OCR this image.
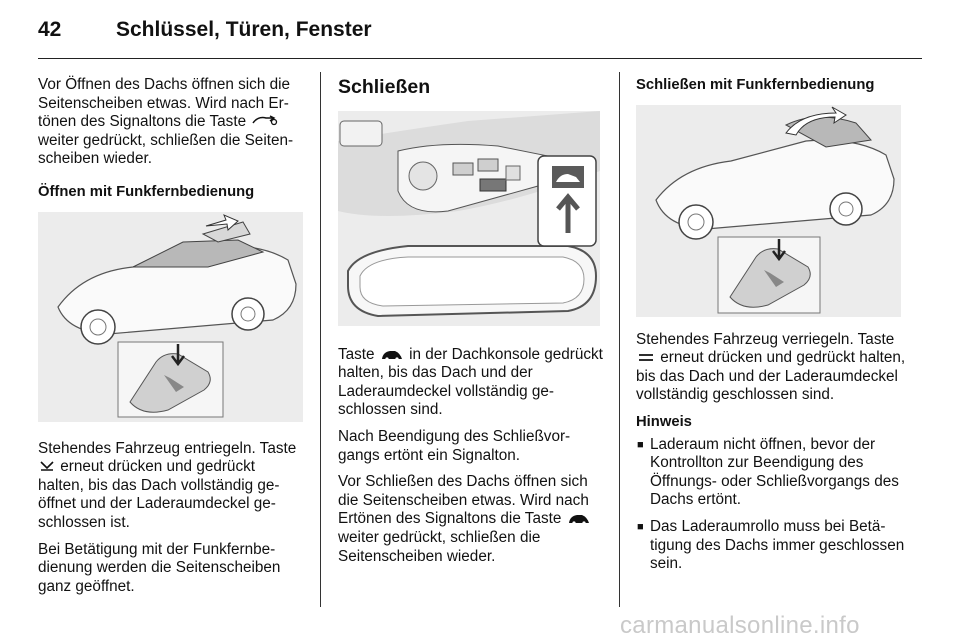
42	Schlüssel, Türen, Fenster

Vor Öffnen des Dachs öffnen sich die Seitenscheiben etwas. Wird nach Ertönen des Signaltons die Taste  weiter gedrückt, schließen die Seitenscheiben wieder.

Öffnen mit Funkfernbedienung

Stehendes Fahrzeug entriegeln. Taste  erneut drücken und gedrückt halten, bis das Dach vollständig geöffnet und der Laderaumdeckel geschlossen ist.

Bei Betätigung mit der Funkfernbedienung werden die Seitenscheiben ganz geöffnet.

Schließen

Taste in der Dachkonsole gedrückt halten, bis das Dach und der Laderaumdeckel vollständig geschlossen sind.

Nach Beendigung des Schließvorgangs ertönt ein Signalton.

Vor Schließen des Dachs öffnen sich die Seitenscheiben etwas. Wird nach Ertönen des Signaltons die Taste  weiter gedrückt, schließen die Seitenscheiben wieder.

Schließen mit Funkfernbedienung

Stehendes Fahrzeug verriegeln. Taste  erneut drücken und gedrückt halten, bis das Dach und der Laderaumdeckel vollständig geschlossen sind.

Hinweis

■ Laderaum nicht öffnen, bevor der Kontrollton zur Beendigung des Öffnungs- oder Schließvorgangs des Dachs ertönt.
■ Das Laderaumrollo muss bei Betätigung des Dachs immer geschlossen sein.
carmanualsonline.info
